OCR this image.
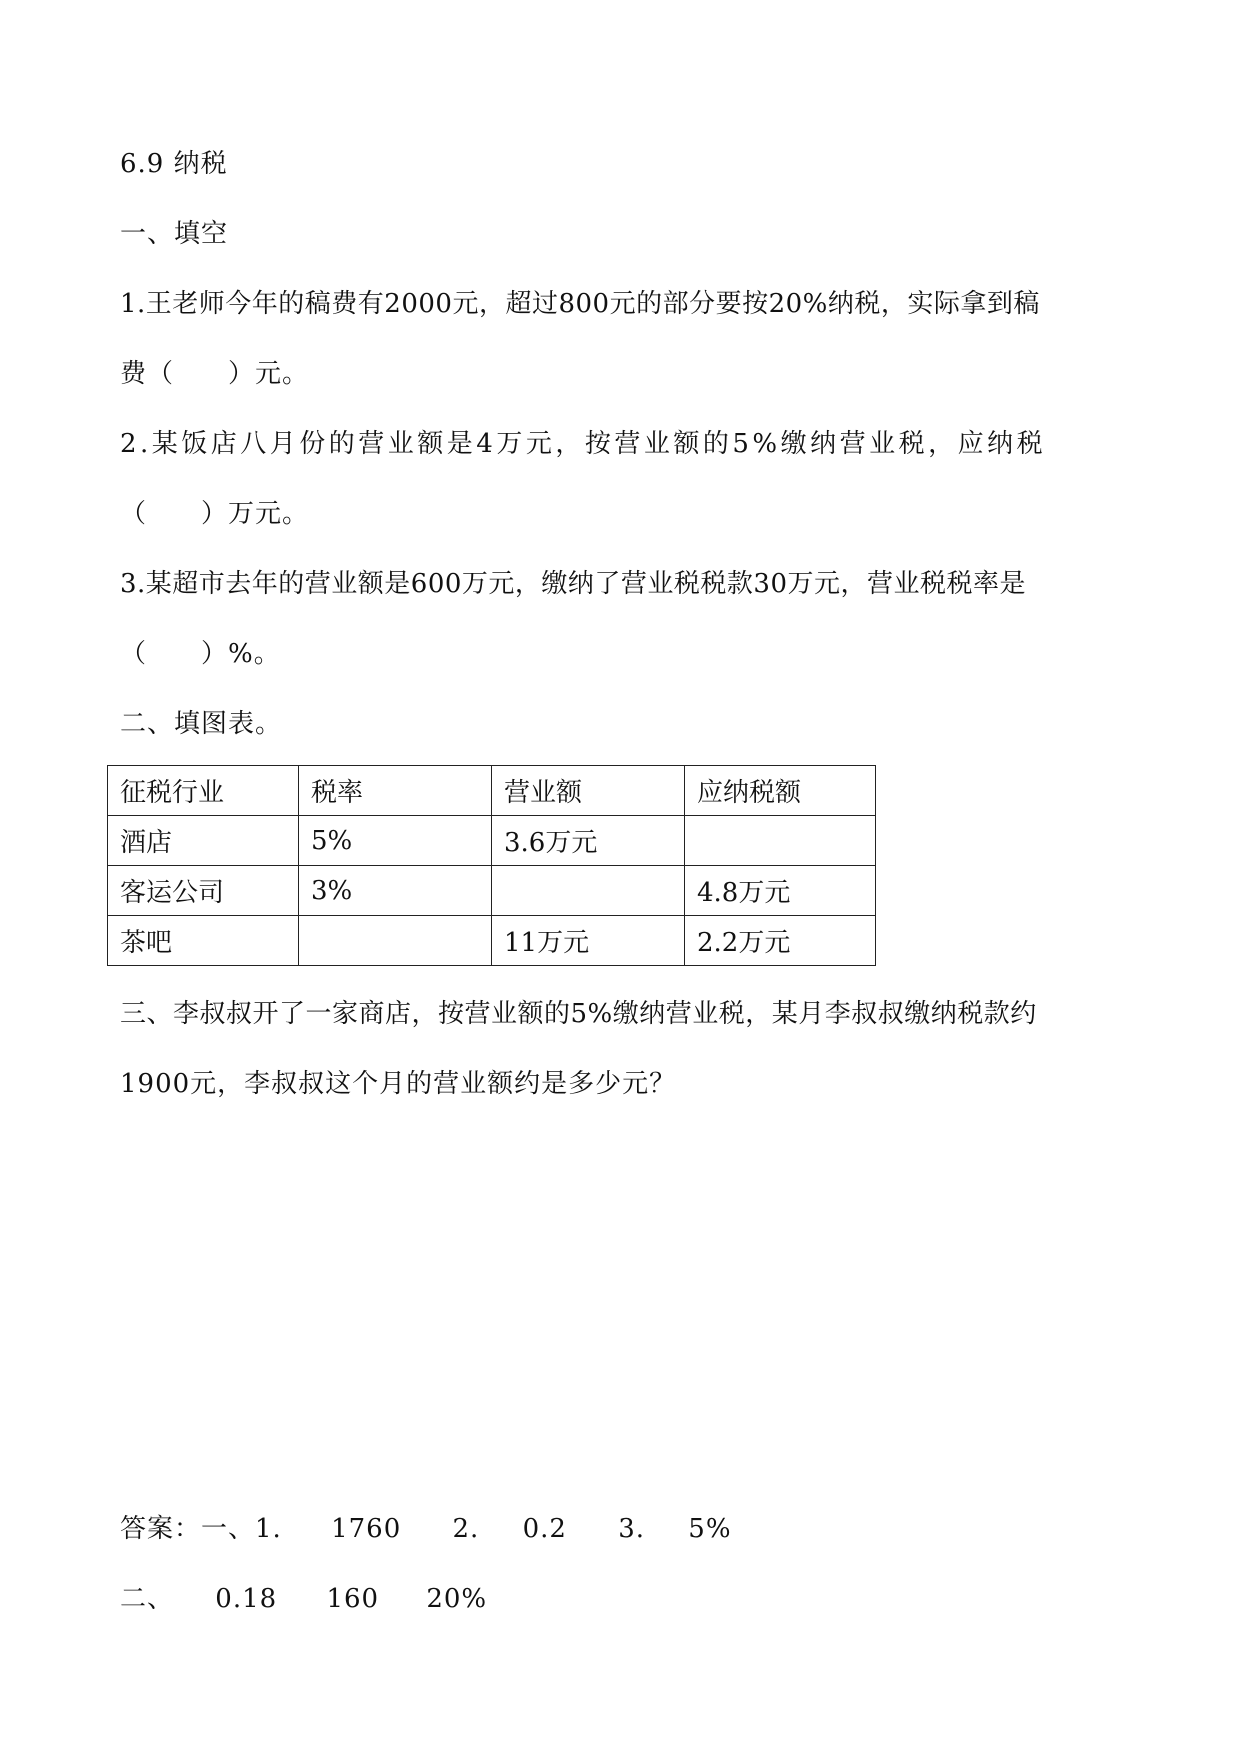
6.9 纳税
一、填空
1.王老师今年的稿费有2000元，超过800元的部分要按20%纳税，实际拿到稿
费（　　）元。
2.某饭店八月份的营业额是4万元，按营业额的5%缴纳营业税，应纳税
（　　）万元。
3.某超市去年的营业额是600万元，缴纳了营业税税款30万元，营业税税率是
（　　）%。
二、填图表。
征税行业	税率	营业额	应纳税额
酒店	5%	3.6万元	
客运公司	3%		4.8万元
茶吧		11万元	2.2万元
三、李叔叔开了一家商店，按营业额的5%缴纳营业税，某月李叔叔缴纳税款约
1900元，李叔叔这个月的营业额约是多少元？
答案：一、1. 1760 2. 0.2 3. 5%
二、 0.18 160 20%
